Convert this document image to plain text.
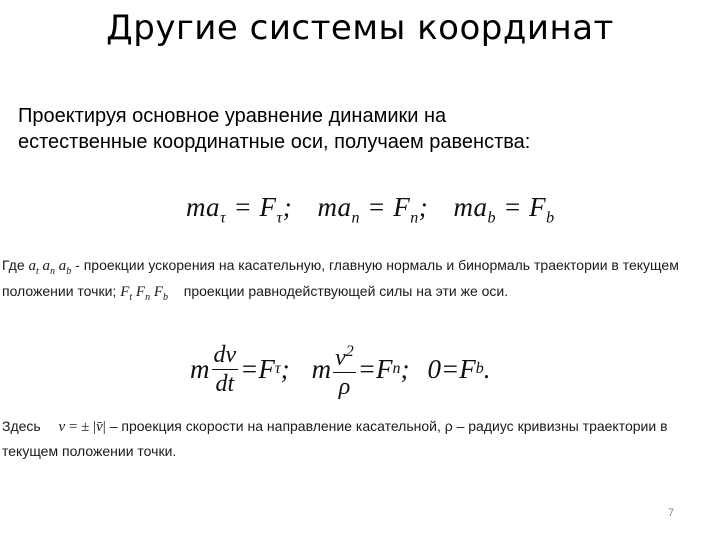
Другие системы координат
Проектируя основное уравнение динамики на естественные координатные оси, получаем равенства:
$ma_\tau = F_\tau$; $ma_n = F_n$; $ma_b = F_b$
Где $a_t$ $a_n$ $a_b$ - проекции ускорения на касательную, главную нормаль и бинормаль траектории в текущем
положении точки; $F_t$ $F_n$ $F_b$ проекции равнодействующей силы на эти же оси.
m $\frac{dv}{dt} = F$ τ ; m $\frac{v^2}{\rho} = F$ n ; 0 = F b .
Здесь v = ± |v̄| – проекция скорости на направление касательной, ρ – радиус кривизны траектории в
текущем положении точки.
7
